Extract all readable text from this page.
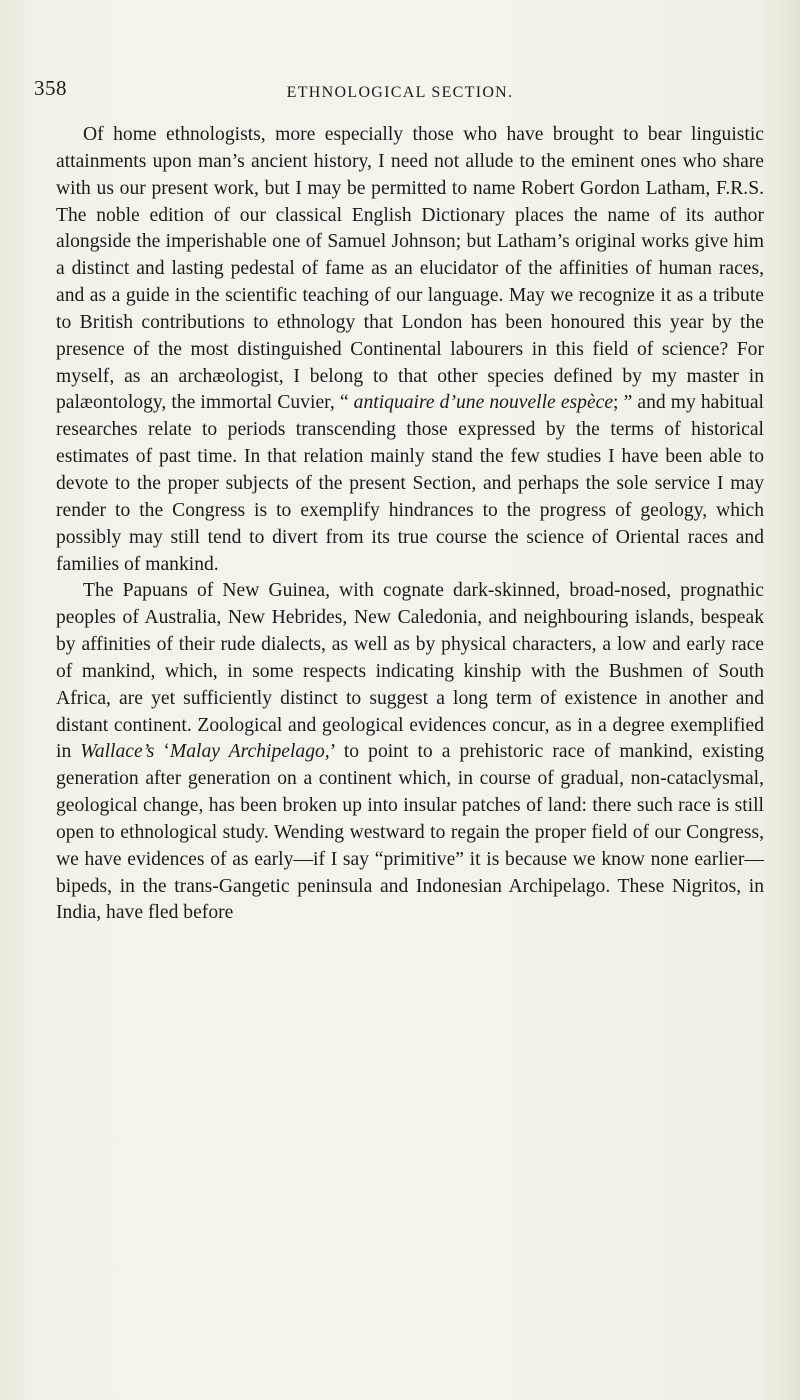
358	ETHNOLOGICAL SECTION.

Of home ethnologists, more especially those who have brought to bear linguistic attainments upon man’s ancient history, I need not allude to the eminent ones who share with us our present work, but I may be permitted to name Robert Gordon Latham, F.R.S. The noble edition of our classical English Dictionary places the name of its author alongside the imperishable one of Samuel Johnson; but Latham’s original works give him a distinct and lasting pedestal of fame as an elucidator of the affinities of human races, and as a guide in the scientific teaching of our language. May we recognize it as a tribute to British contributions to ethnology that London has been honoured this year by the presence of the most distinguished Continental labourers in this field of science? For myself, as an archæologist, I belong to that other species defined by my master in palæontology, the immortal Cuvier, “ antiquaire d’une nouvelle espèce; ” and my habitual researches relate to periods transcending those expressed by the terms of historical estimates of past time. In that relation mainly stand the few studies I have been able to devote to the proper subjects of the present Section, and perhaps the sole service I may render to the Congress is to exemplify hindrances to the progress of geology, which possibly may still tend to divert from its true course the science of Oriental races and families of mankind.

The Papuans of New Guinea, with cognate dark-skinned, broad-nosed, prognathic peoples of Australia, New Hebrides, New Caledonia, and neighbouring islands, bespeak by affinities of their rude dialects, as well as by physical characters, a low and early race of mankind, which, in some respects indicating kinship with the Bushmen of South Africa, are yet sufficiently distinct to suggest a long term of existence in another and distant continent. Zoological and geological evidences concur, as in a degree exemplified in Wallace’s ‘Malay Archipelago,’ to point to a prehistoric race of mankind, existing generation after generation on a continent which, in course of gradual, non-cataclysmal, geological change, has been broken up into insular patches of land: there such race is still open to ethnological study. Wending westward to regain the proper field of our Congress, we have evidences of as early—if I say “primitive” it is because we know none earlier—bipeds, in the trans-Gangetic peninsula and Indonesian Archipelago. These Nigritos, in India, have fled before
